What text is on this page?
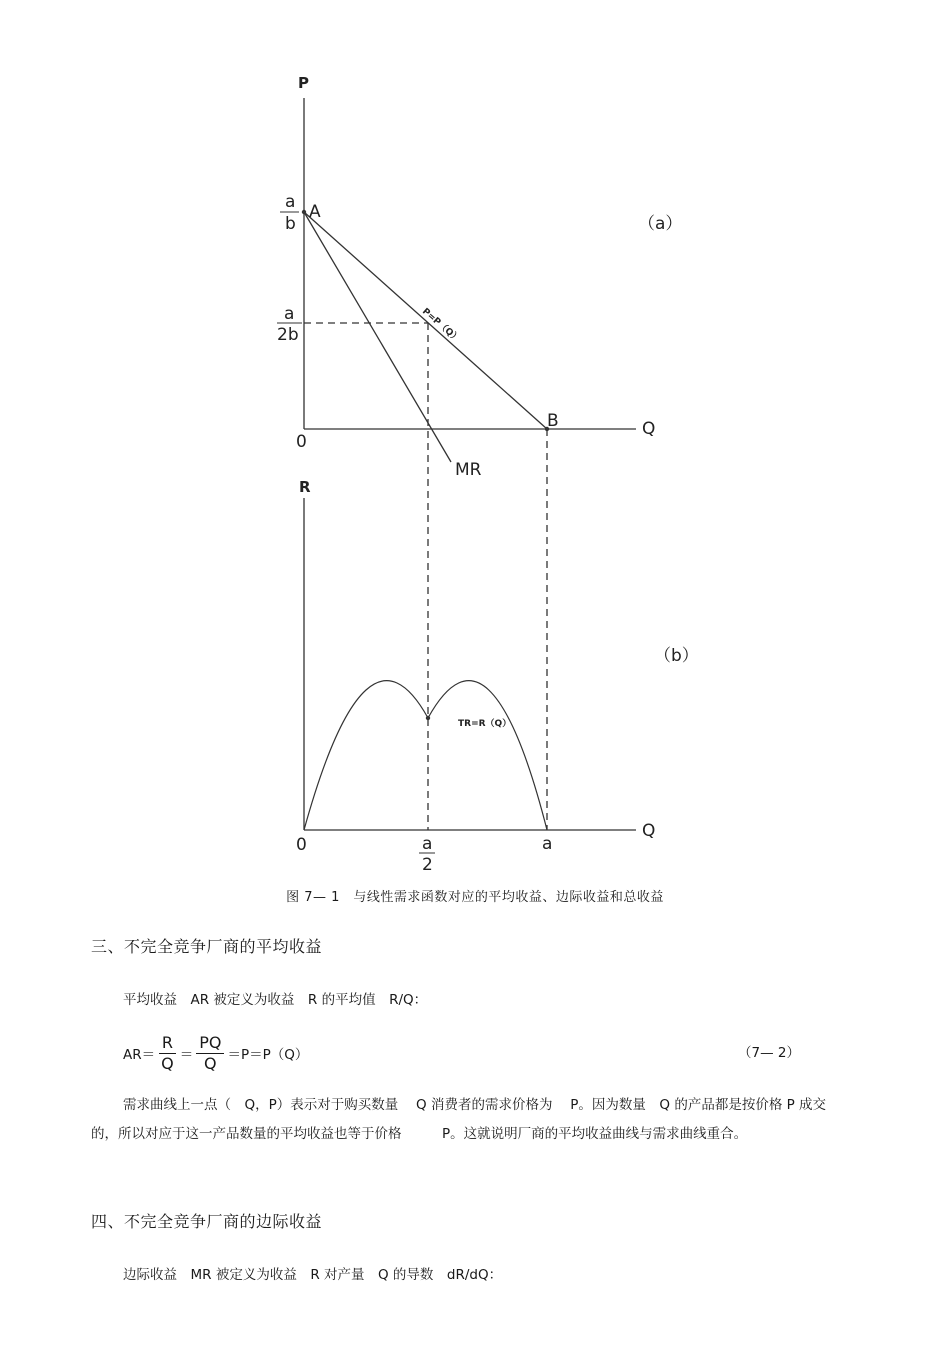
P
Q
0
a
b
a
2b
A
B
P=P（Q）
MR
（a）
R
Q
0	a
2
a
TR=R（Q）
（b）
图 7— 1　与线性需求函数对应的平均收益、边际收益和总收益
三、不完全竞争厂商的平均收益
平均收益　AR 被定义为收益　R 的平均值　R/Q：
$AR= \frac{R}{Q} = \frac{PQ}{Q} =P=P(Q)$	（7— 2）
需求曲线上一点（　Q，P）表示对于购买数量　 Q 消费者的需求价格为　 P。因为数量　Q 的产品都是按价格 P 成交的，所以对应于这一产品数量的平均收益也等于价格　　　P。这就说明厂商的平均收益曲线与需求曲线重合。
四、不完全竞争厂商的边际收益
边际收益　MR 被定义为收益　R 对产量　Q 的导数　dR/dQ：
